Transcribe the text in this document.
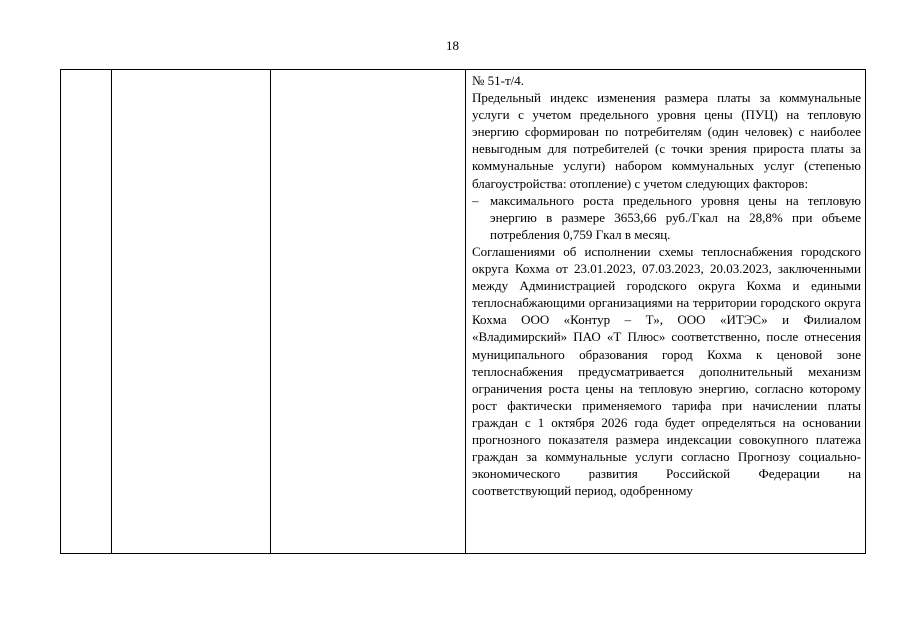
18

№ 51-т/4.

Предельный индекс изменения размера платы за коммунальные услуги с учетом предельного уровня цены (ПУЦ) на тепловую энергию сформирован по потребителям (один человек) с наиболее невыгодным для потребителей (с точки зрения прироста платы за коммунальные услуги) набором коммунальных услуг (степенью благоустройства: отопление) с учетом следующих факторов:

– максимального роста предельного уровня цены на тепловую энергию в размере 3653,66 руб./Гкал на 28,8% при объеме потребления 0,759 Гкал в месяц.

Соглашениями об исполнении схемы теплоснабжения городского округа Кохма от 23.01.2023, 07.03.2023, 20.03.2023, заключенными между Администрацией городского округа Кохма и едиными теплоснабжающими организациями на территории городского округа Кохма ООО «Контур – Т», ООО «ИТЭС» и Филиалом «Владимирский» ПАО «Т Плюс» соответственно, после отнесения муниципального образования город Кохма к ценовой зоне теплоснабжения предусматривается дополнительный механизм ограничения роста цены на тепловую энергию, согласно которому рост фактически применяемого тарифа при начислении платы граждан с 1 октября 2026 года будет определяться на основании прогнозного показателя размера индексации совокупного платежа граждан за коммунальные услуги согласно Прогнозу социально-экономического развития Российской Федерации на соответствующий период, одобренному
